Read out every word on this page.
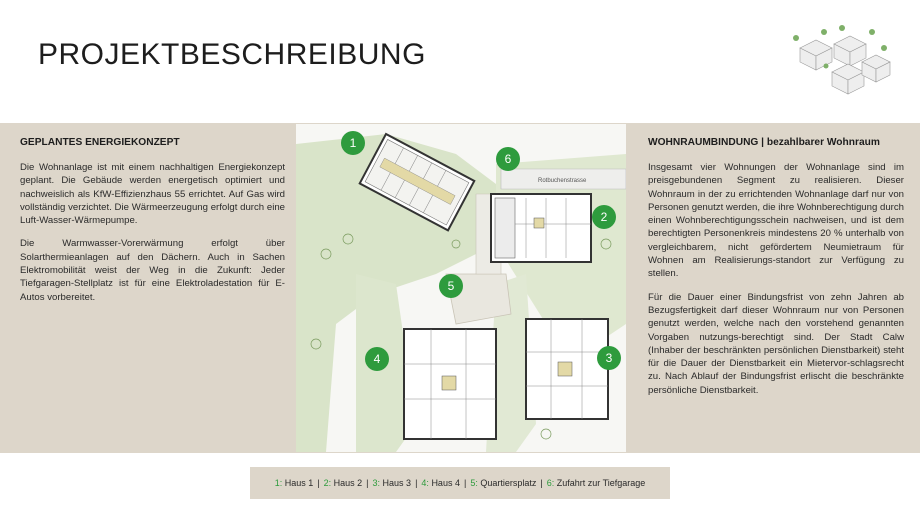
PROJEKTBESCHREIBUNG
GEPLANTES ENERGIEKONZEPT

Die Wohnanlage ist mit einem nachhaltigen Energiekonzept geplant. Die Gebäude werden energetisch optimiert und nachweislich als KfW-Effizienzhaus 55 errichtet. Auf Gas wird vollständig verzichtet. Die Wärmeerzeugung erfolgt durch eine Luft-Wasser-Wärmepumpe.

Die Warmwasser-Vorerwärmung erfolgt über Solarthermieanlagen auf den Dächern. Auch in Sachen Elektromobilität weist der Weg in die Zukunft: Jeder Tiefgaragen-Stellplatz ist für eine Elektroladestation für E-Autos vorbereitet.

Rotbuchenstrasse
1
6
2
5
4	3
WOHNRAUMBINDUNG | bezahlbarer Wohnraum

Insgesamt vier Wohnungen der Wohnanlage sind im preisgebundenen Segment zu realisieren. Dieser Wohnraum in der zu errichtenden Wohnanlage darf nur von Personen genutzt werden, die ihre Wohnberechtigung durch einen Wohnberechtigungsschein nachweisen, und ist dem berechtigten Personenkreis mindestens 20 % unterhalb von vergleichbarem, nicht gefördertem Neumietraum für Wohnen am Realisierungs-standort zur Verfügung zu stellen.

Für die Dauer einer Bindungsfrist von zehn Jahren ab Bezugsfertigkeit darf dieser Wohnraum nur von Personen genutzt werden, welche nach den vorstehend genannten Vorgaben nutzungs-berechtigt sind. Der Stadt Calw (Inhaber der beschränkten persönlichen Dienstbarkeit) steht für die Dauer der Dienstbarkeit ein Mietervor-schlagsrecht zu. Nach Ablauf der Bindungsfrist erlischt die beschränkte persönliche Dienstbarkeit.

1: Haus 1 | 2: Haus 2 | 3: Haus 3 | 4: Haus 4 | 5: Quartiersplatz | 6: Zufahrt zur Tiefgarage
